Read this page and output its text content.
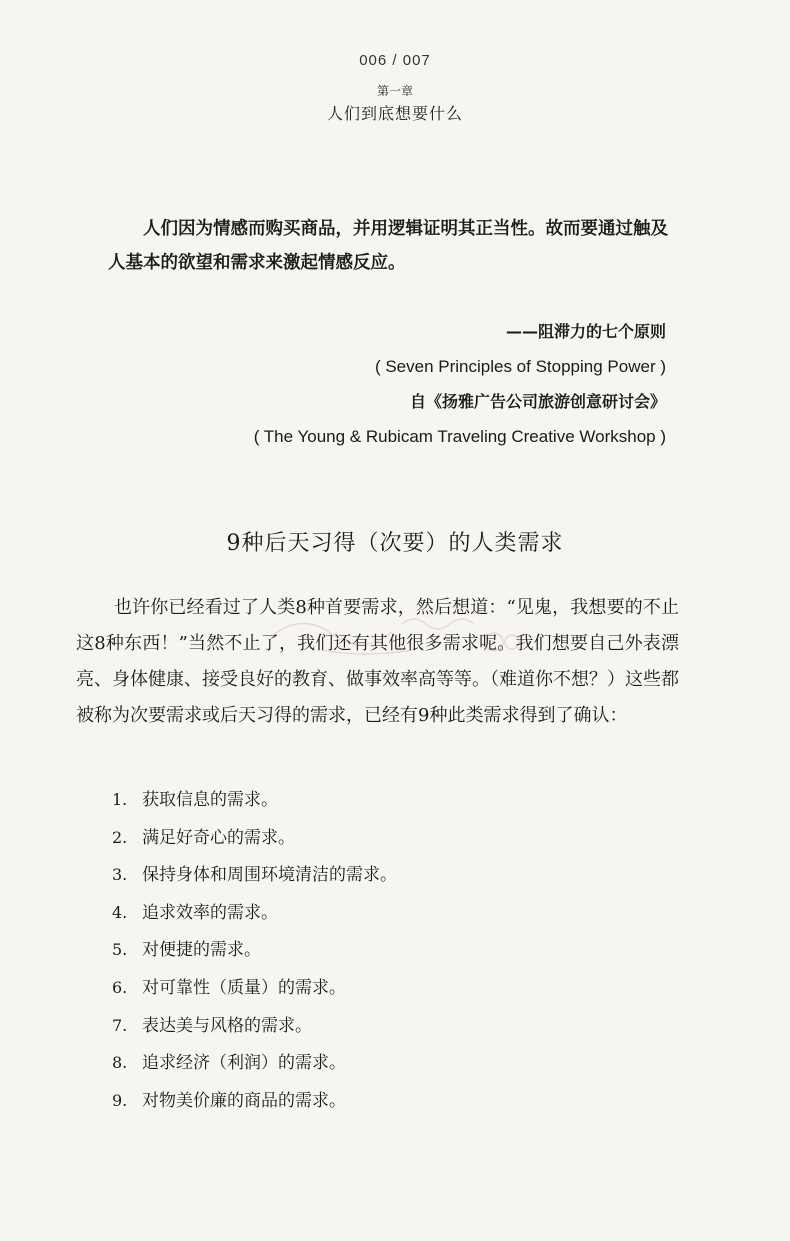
006 / 007
第一章
人们到底想要什么

人们因为情感而购买商品，并用逻辑证明其正当性。故而要通过触及人基本的欲望和需求来激起情感反应。

——阻滞力的七个原则
( Seven Principles of Stopping Power )
自《扬雅广告公司旅游创意研讨会》
( The Young & Rubicam Traveling Creative Workshop )
9种后天习得（次要）的人类需求

也许你已经看过了人类8种首要需求，然后想道：“见鬼，我想要的不止这8种东西！”当然不止了，我们还有其他很多需求呢。我们想要自己外表漂亮、身体健康、接受良好的教育、做事效率高等等。（难道你不想？）这些都被称为次要需求或后天习得的需求，已经有9种此类需求得到了确认：

1. 获取信息的需求。
2. 满足好奇心的需求。
3. 保持身体和周围环境清洁的需求。
4. 追求效率的需求。
5. 对便捷的需求。
6. 对可靠性（质量）的需求。
7. 表达美与风格的需求。
8. 追求经济（利润）的需求。
9. 对物美价廉的商品的需求。
